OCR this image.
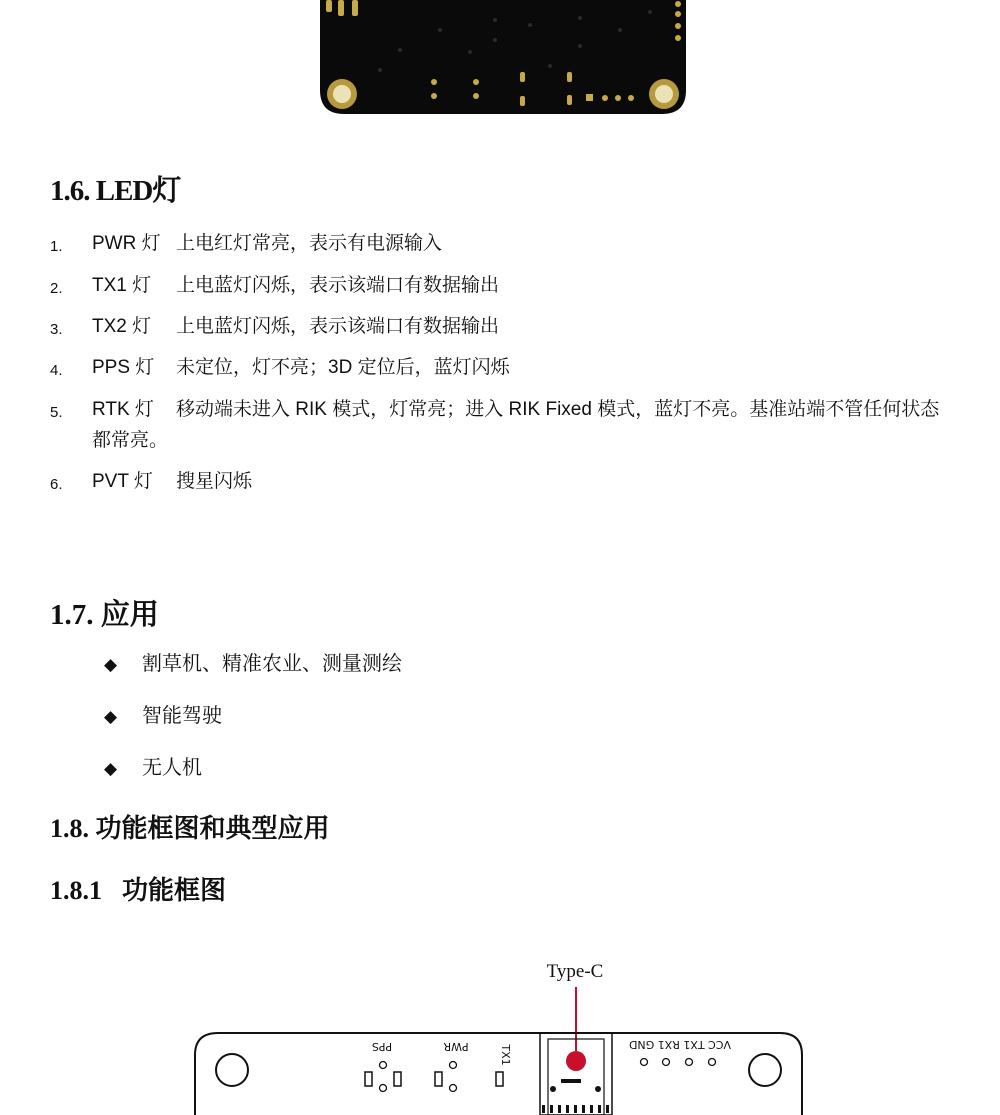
1.6. LED灯
1.	PWR 灯 上电红灯常亮，表示有电源输入
2.	TX1 灯 上电蓝灯闪烁，表示该端口有数据输出
3.	TX2 灯 上电蓝灯闪烁，表示该端口有数据输出
4.	PPS 灯 未定位，灯不亮；3D 定位后，蓝灯闪烁
5.	RTK 灯 移动端未进入 RIK 模式，灯常亮；进入 RIK Fixed 模式，蓝灯不亮。基准站端不管任何状态都常亮。
6.	PVT 灯 搜星闪烁
1.7. 应用
◆ 割草机、精准农业、测量测绘
◆ 智能驾驶
◆ 无人机
1.8. 功能框图和典型应用
1.8.1 功能框图
Type-C
PPS	PWR	TX1	VCC TX1 RX1 GND
